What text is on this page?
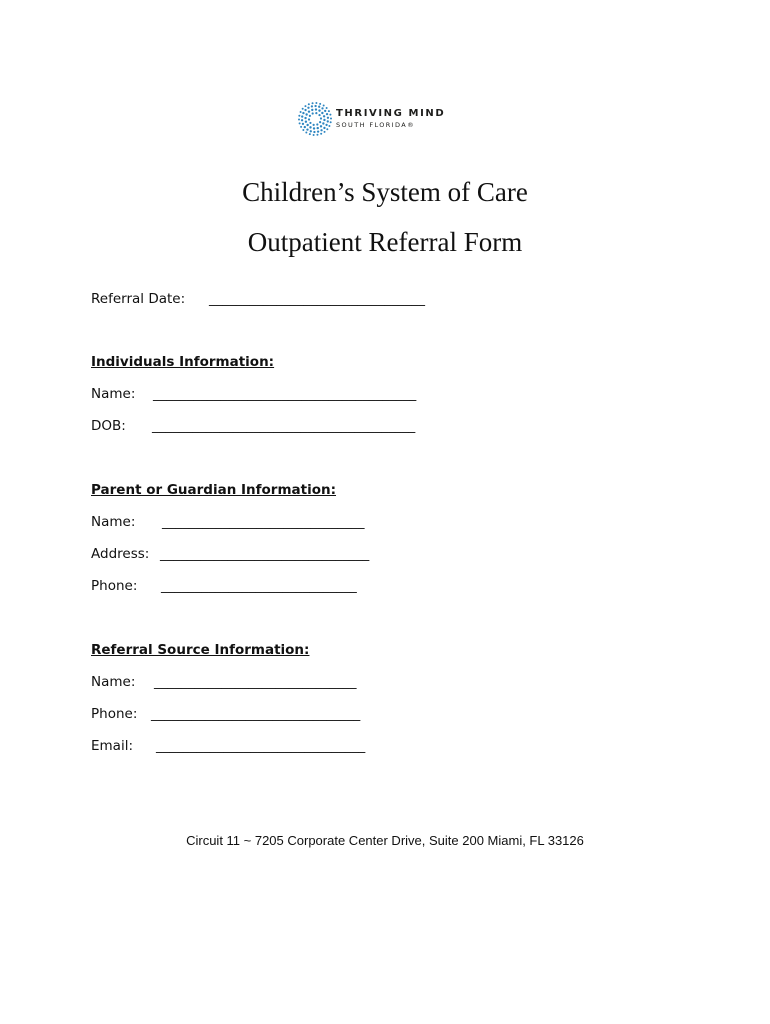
THRIVING MIND
SOUTH FLORIDA®
Children’s System of Care
Outpatient Referral Form
Referral Date: ________________________________
Individuals Information:
Name: _______________________________________
DOB: _______________________________________
Parent or Guardian Information:
Name: ______________________________
Address: _______________________________
Phone: _____________________________
Referral Source Information:
Name: ______________________________
Phone: _______________________________
Email: _______________________________
Circuit 11 ~ 7205 Corporate Center Drive, Suite 200 Miami, FL 33126
